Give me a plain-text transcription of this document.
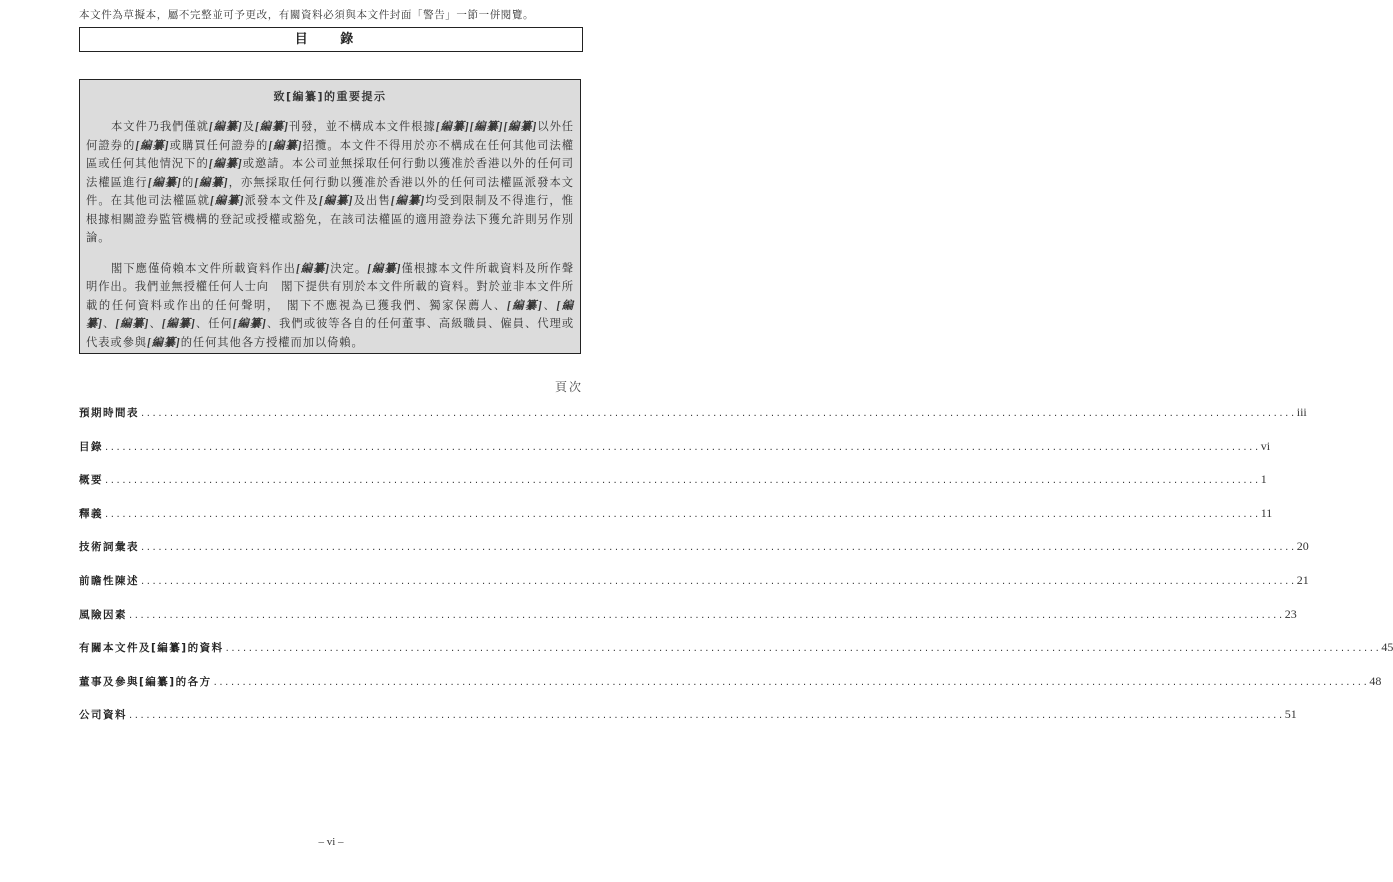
本文件為草擬本，屬不完整並可予更改，有關資料必須與本文件封面「警告」一節一併閱覽。
目 錄
致[編纂]的重要提示

本文件乃我們僅就[編纂]及[編纂]刊發，並不構成本文件根據[編纂][編纂][編纂]以外任何證券的[編纂]或購買任何證券的[編纂]招攬。本文件不得用於亦不構成在任何其他司法權區或任何其他情況下的[編纂]或邀請。本公司並無採取任何行動以獲准於香港以外的任何司法權區進行[編纂]的[編纂]，亦無採取任何行動以獲准於香港以外的任何司法權區派發本文件。在其他司法權區就[編纂]派發本文件及[編纂]及出售[編纂]均受到限制及不得進行，惟根據相關證券監管機構的登記或授權或豁免，在該司法權區的適用證券法下獲允許則另作別論。

閣下應僅倚賴本文件所載資料作出[編纂]決定。[編纂]僅根據本文件所載資料及所作聲明作出。我們並無授權任何人士向　閣下提供有別於本文件所載的資料。對於並非本文件所載的任何資料或作出的任何聲明，　閣下不應視為已獲我們、獨家保薦人、[編纂]、[編纂]、[編纂]、[編纂]、任何[編纂]、我們或彼等各自的任何董事、高級職員、僱員、代理或代表或參與[編纂]的任何其他各方授權而加以倚賴。

頁次
預期時間表 ........................................................................................................................................................................................................ iii
目錄 ........................................................................................................................................................................................................ vi
概要 ........................................................................................................................................................................................................ 1
釋義 ........................................................................................................................................................................................................ 11
技術詞彙表 ........................................................................................................................................................................................................ 20
前瞻性陳述 ........................................................................................................................................................................................................ 21
風險因素 ........................................................................................................................................................................................................ 23
有關本文件及[編纂]的資料 ........................................................................................................................................................................................................ 45
董事及參與[編纂]的各方 ........................................................................................................................................................................................................ 48
公司資料 ........................................................................................................................................................................................................ 51
– vi –
